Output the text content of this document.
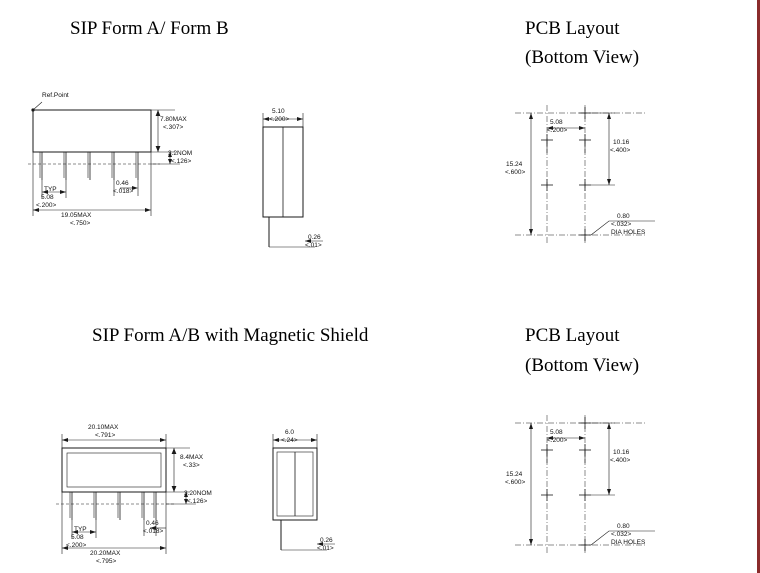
SIP Form A/ Form B	PCB Layout
(Bottom View)
SIP Form A/B with Magnetic Shield	PCB Layout
(Bottom View)
Ref.Point
7.80MAX
<.307>
3.2NOM
<.126>
TYP
5.08
<.200>
0.46
<.018>
19.05MAX
<.750>
5.10
<.200>
0.26
<.01>
5.08
<.200>
10.16
<.400>
15.24
<.600>
0.80
<.032>
DIA HOLES
20.10MAX
<.791>
8.4MAX
<.33>
3.20NOM
<.126>
TYP
5.08
<.200>
0.46
<.018>
20.20MAX
<.795>
6.0
<.24>
0.26
<.01>
5.08
<.200>
10.16
<.400>
15.24
<.600>
0.80
<.032>
DIA HOLES
